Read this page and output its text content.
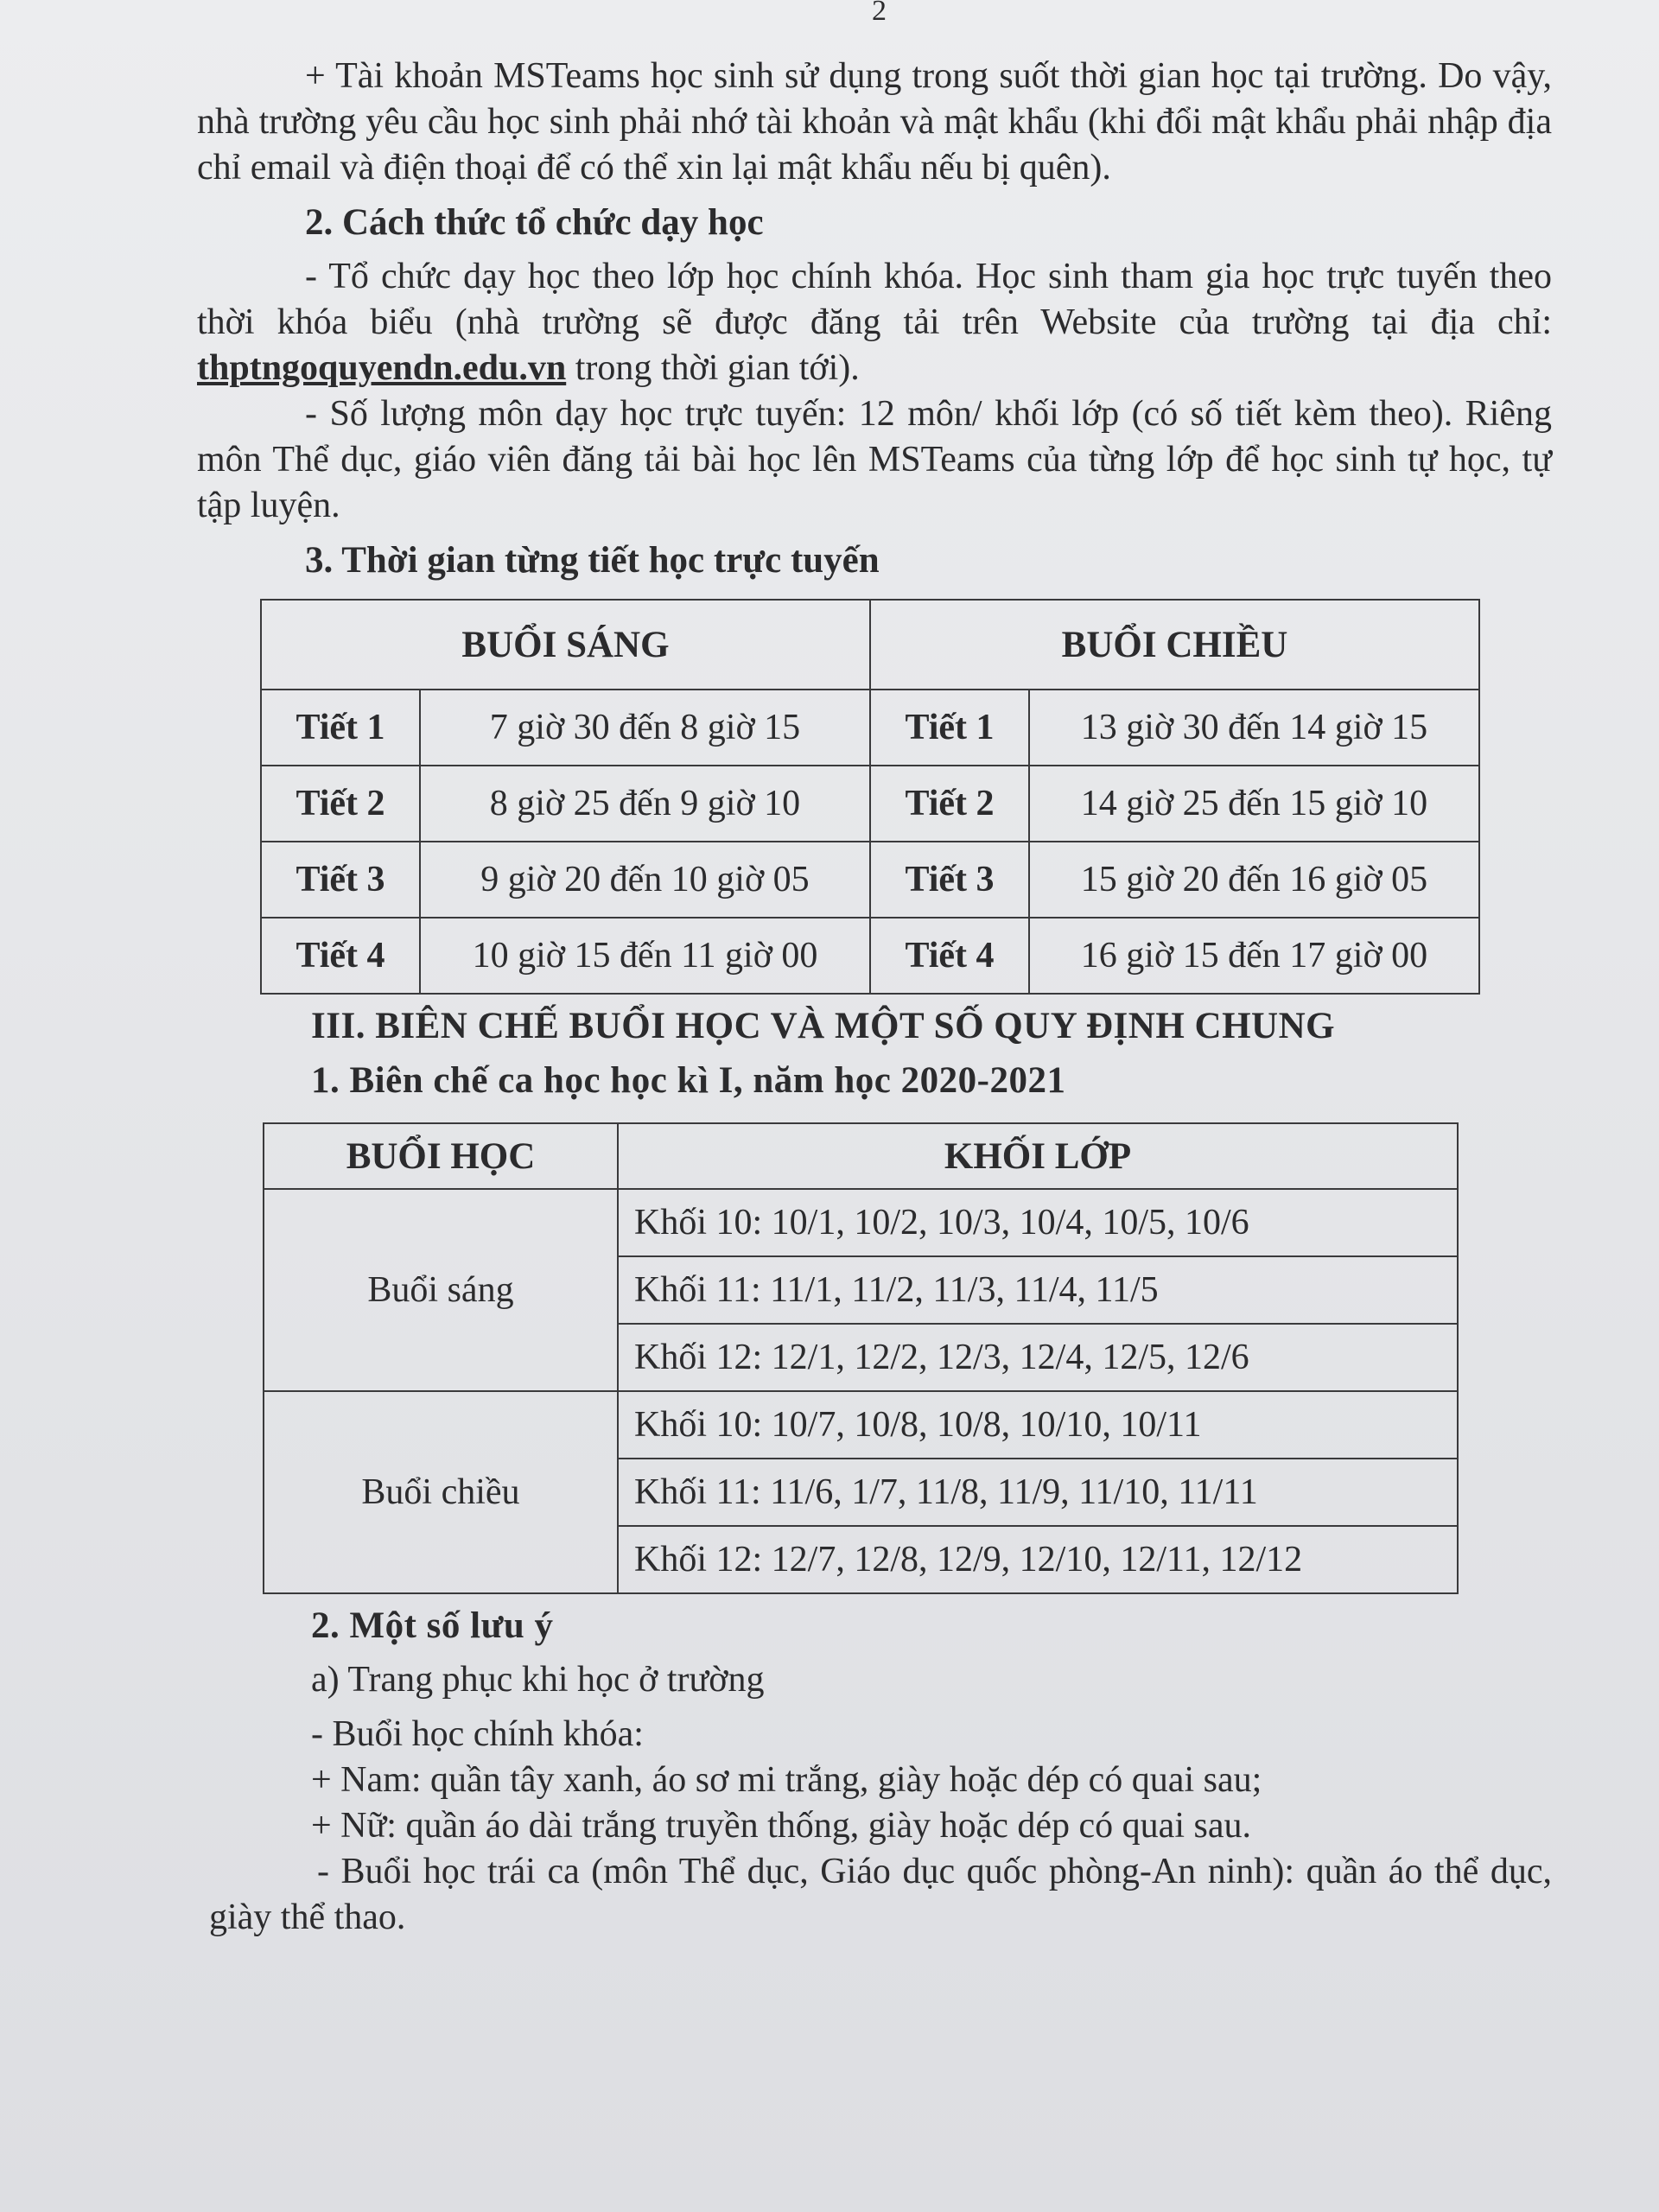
2

+ Tài khoản MSTeams học sinh sử dụng trong suốt thời gian học tại trường. Do vậy, nhà trường yêu cầu học sinh phải nhớ tài khoản và mật khẩu (khi đổi mật khẩu phải nhập địa chỉ email và điện thoại để có thể xin lại mật khẩu nếu bị quên).

2. Cách thức tổ chức dạy học

- Tổ chức dạy học theo lớp học chính khóa. Học sinh tham gia học trực tuyến theo thời khóa biểu (nhà trường sẽ được đăng tải trên Website của trường tại địa chỉ: thptngoquyendn.edu.vn trong thời gian tới).

- Số lượng môn dạy học trực tuyến: 12 môn/ khối lớp (có số tiết kèm theo). Riêng môn Thể dục, giáo viên đăng tải bài học lên MSTeams của từng lớp để học sinh tự học, tự tập luyện.

3. Thời gian từng tiết học trực tuyến
BUỔI SÁNG		BUỔI CHIỀU	
Tiết 1	7 giờ 30 đến 8 giờ 15	Tiết 1	13 giờ 30 đến 14 giờ 15
Tiết 2	8 giờ 25 đến 9 giờ 10	Tiết 2	14 giờ 25 đến 15 giờ 10
Tiết 3	9 giờ 20 đến 10 giờ 05	Tiết 3	15 giờ 20 đến 16 giờ 05
Tiết 4	10 giờ 15 đến 11 giờ 00	Tiết 4	16 giờ 15 đến 17 giờ 00
III. BIÊN CHẾ BUỔI HỌC VÀ MỘT SỐ QUY ĐỊNH CHUNG
1. Biên chế ca học học kì I, năm học 2020-2021
BUỔI HỌC	KHỐI LỚP
Buổi sáng	Khối 10: 10/1, 10/2, 10/3, 10/4, 10/5, 10/6
	Khối 11: 11/1, 11/2, 11/3, 11/4, 11/5
	Khối 12: 12/1, 12/2, 12/3, 12/4, 12/5, 12/6
Buổi chiều	Khối 10: 10/7, 10/8, 10/8, 10/10, 10/11
	Khối 11: 11/6, 1/7, 11/8, 11/9, 11/10, 11/11
	Khối 12: 12/7, 12/8, 12/9, 12/10, 12/11, 12/12
2. Một số lưu ý

a) Trang phục khi học ở trường

- Buổi học chính khóa:

+ Nam: quần tây xanh, áo sơ mi trắng, giày hoặc dép có quai sau;

+ Nữ: quần áo dài trắng truyền thống, giày hoặc dép có quai sau.

- Buổi học trái ca (môn Thể dục, Giáo dục quốc phòng-An ninh): quần áo thể dục, giày thể thao.
